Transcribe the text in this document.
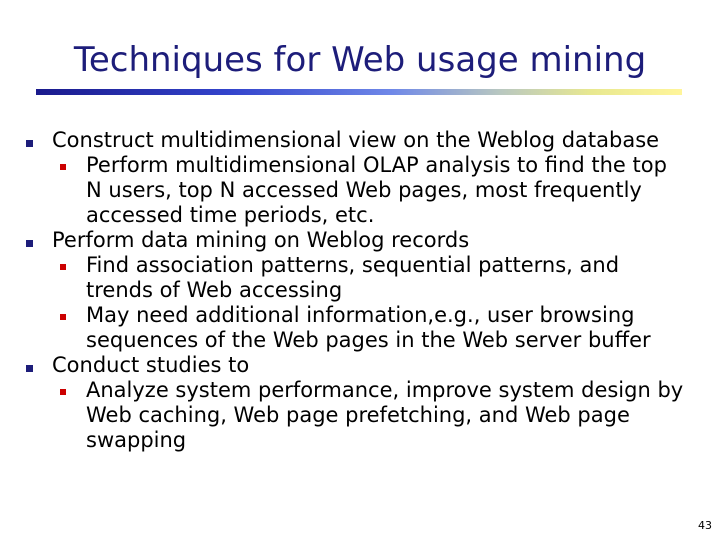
Techniques for Web usage mining
Construct multidimensional view on the Weblog database
Perform multidimensional OLAP analysis to find the top
N users, top N accessed Web pages, most frequently
accessed time periods, etc.
Perform data mining on Weblog records
Find association patterns, sequential patterns, and
trends of Web accessing
May need additional information,e.g., user browsing
sequences of the Web pages in the Web server buffer
Conduct studies to
Analyze system performance, improve system design by
Web caching, Web page prefetching, and Web page
swapping
43
